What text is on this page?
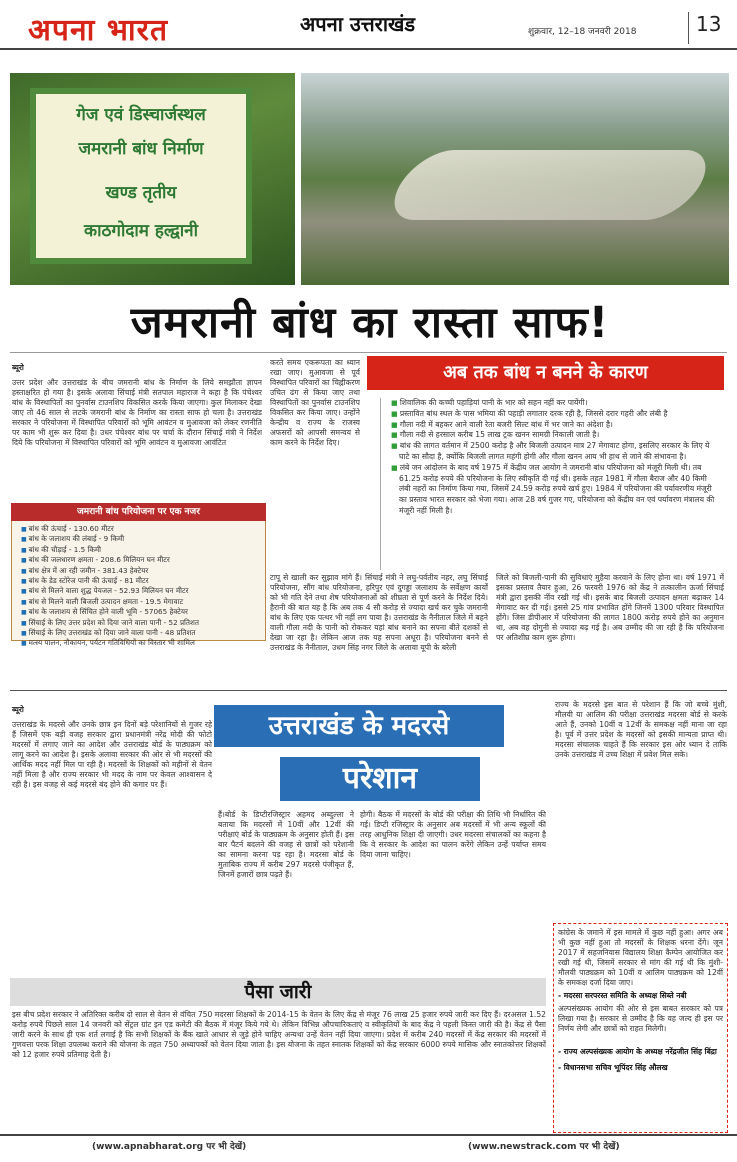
अपना भारत	अपना उत्तराखंड	शुक्रवार, 12–18 जनवरी 2018	13
गेज एवं डिस्चार्जस्थल
जमरानी बांध निर्माण
खण्ड तृतीय
काठगोदाम हल्द्वानी
जमरानी बांध का रास्ता साफ!
ब्यूरो
उत्तर प्रदेश और उत्तराखंड के बीच जमरानी बांध के निर्माण के लिये समझौता ज्ञापन हस्ताक्षरित हो गया है। इसके अलावा सिंचाई मंत्री सतपाल महाराज ने कहा है कि पंचेश्वर बांध के विस्थापितों का पुनर्वास टाउनशिप विकसित करके किया जाएगा। कुल मिलाकर देखा जाए तो 46 साल से लटके जमरानी बांध के निर्माण का रास्ता साफ हो चला है। उत्तराखंड सरकार ने परियोजना में विस्थापित परिवारों को भूमि आवंटन व मुआवजा को लेकर रणनीति पर काम भी शुरू कर दिया है। उधर पंचेश्वर बांध पर चर्चा के दौरान सिंचाई मंत्री ने निर्देश दिये कि परियोजना में विस्थापित परिवारों को भूमि आवंटन व मुआवजा आवंटित
करते समय एकरूपता का ध्यान रखा जाए। मुआवजा से पूर्व विस्थापित परिवारों का चिह्नीकरण उचित ढंग से किया जाए तथा विस्थापितों का पुनर्वास टाउनशिप विकसित कर किया जाए। उन्होंने केन्द्रीय व राज्य के राजस्व अफसरों को आपसी समन्वय से काम करने के निर्देश दिए।
अब तक बांध न बनने के कारण
■ शिवालिक की कच्ची पहाड़ियां पानी के भार को सहन नहीं कर पायेंगी।
■ प्रस्तावित बांध स्थल के पास भमिया की पहाड़ी लगातार दरक रही है, जिससे दरार गहरी और लंबी है
■ गौला नदी में बहकर आने वाली रेता बजरी सिल्ट बांध में भर जाने का अंदेशा है।
■ गौला नदी से हरसाल करीब 15 लाख ट्रक खनन सामग्री निकाली जाती है।
■ बांध की लागत वर्तमान में 2500 करोड़ है और बिजली उत्पादन मात्र 27 मेगावाट होगा, इसलिए सरकार के लिए ये घाटे का सौदा है, क्योंकि बिजली लागत महंगी होगी और गौला खनन आय भी हाथ से जाने की संभावना है।
■ लंबे जन आंदोलन के बाद वर्ष 1975 में केंद्रीय जल आयोग ने जमरानी बांध परियोजना को मंजूरी मिली थी। तब 61.25 करोड़ रुपये की परियोजना के लिए स्वीकृति दी गई थी। इसके तहत 1981 में गौला बैराज और 40 किमी लंबी नहरों का निर्माण किया गया, जिसमें 24.59 करोड़ रुपये खर्च हुए। 1984 में परियोजना की पर्यावरणीय मंजूरी का प्रस्ताव भारत सरकार को भेजा गया। आज 28 वर्ष गुजर गए, परियोजना को केंद्रीय वन एवं पर्यावरण मंत्रालय की मंजूरी नहीं मिली है।
■ बांध की ऊंचाई - 130.60 मीटर
■ बांध के जलाशय की लंबाई - 9 किमी
■ बांध की चौड़ाई - 1.5 किमी
■ बांध की जलधारण क्षमता - 208.6 मिलियन घन मीटर
■ बांध क्षेत्र में आ रही जमीन - 381.43 हेक्टेयर
■ बांध के डेड स्टोरेज पानी की ऊंचाई - 81 मीटर
■ बांध से मिलने वाला शुद्ध पेयजल - 52.93 मिलियन घन मीटर
■ बांध से मिलने वाली बिजली उत्पादन क्षमता - 19.5 मेगावाट
■ बांध के जलाशय से सिंचित होने वाली भूमि - 57065 हेक्टेयर
■ सिंचाई के लिए उत्तर प्रदेश को दिया जाने वाला पानी - 52 प्रतिशत
■ सिंचाई के लिए उत्तराखंड को दिया जाने वाला पानी - 48 प्रतिशत
■ मत्स्य पालन, नौकायन, पर्यटन गतिविधियों का विस्तार भी शामिल
जमरानी बांध परियोजना पर एक नजर
टापू से खाली कर सुझाव मांगे हैं। सिंचाई मंत्री ने लघु-पर्वतीय नहर, लघु सिंचाई परियोजना, सौंग बांध परियोजना, हरिपुर एवं दुगड्डा जलाशय के सर्वेक्षण कार्यों को भी गति देने तथा शेष परियोजनाओं को शीघ्रता से पूर्ण करने के निर्देश दिये। हैरानी की बात यह है कि अब तक 4 सौ करोड़ से ज्यादा खर्च कर चुके जमरानी बांध के लिए एक पत्थर भी नहीं लग पाया है। उत्तराखंड के नैनीताल जिले में बहने वाली गौला नदी के पानी को रोककर यहां बांध बनाने का सपना बीते दशकों से देखा जा रहा है। लेकिन आज तक यह सपना अधूरा है। परियोजना बनने से उत्तराखंड के नैनीताल, उधम सिंह नगर जिले के अलावा यूपी के बरेली
जिले को बिजली-पानी की सुविधाएं मुहैया करवाने के लिए होना था। वर्ष 1971 में इसका प्रस्ताव तैयार हुआ, 26 फरवरी 1976 को केंद्र ने तत्कालीन ऊर्जा सिंचाई मंत्री द्वारा इसकी नींव रखी गई थी। इसके बाद बिजली उत्पादन क्षमता बढ़ाकर 14 मेगावाट कर दी गई। इससे 25 गांव प्रभावित होंगे जिनमें 1300 परिवार विस्थापित होंगे। जिस डीपीआर में परियोजना की लागत 1800 करोड़ रुपये होने का अनुमान था, अब वह दोगुनी से ज्यादा बढ़ गई है। अब उम्मीद की जा रही है कि परियोजना पर अतिशीघ्र काम शुरू होगा।
उत्तराखंड के मदरसे
परेशान
ब्यूरो
उत्तराखंड के मदरसे और उनके छात्र इन दिनों बड़े परेशानियों से गुजर रहे हैं जिसमें एक बड़ी वजह सरकार द्वारा प्रधानमंत्री नरेंद्र मोदी की फोटो मदरसों में लगाए जाने का आदेश और उत्तराखंड बोर्ड के पाठ्यक्रम को लागू करने का आदेश है। इसके अलावा सरकार की ओर से भी मदरसों की आर्थिक मदद नहीं मिल पा रही है। मदरसों के शिक्षकों को महीनों से वेतन नहीं मिला है और राज्य सरकार भी मदद के नाम पर केवल आश्वासन दे रही है। इस वजह से कई मदरसे बंद होने की कगार पर हैं।
हैं।बोर्ड के डिप्टीरजिस्ट्रार अहमद अब्दुल्ला ने बताया कि मदरसों में 10वीं और 12वीं की परीक्षाएं बोर्ड के पाठ्यक्रम के अनुसार होती हैं। इस बार पैटर्न बदलने की वजह से छात्रों को परेशानी का सामना करना पड़ रहा है। मदरसा बोर्ड के मुताबिक राज्य में करीब 297 मदरसे पंजीकृत हैं, जिनमें हजारों छात्र पढ़ते हैं।
होगी। बैठक में मदरसों के बोर्ड की परीक्षा की तिथि भी निर्धारित की गई। डिप्टी रजिस्ट्रार के अनुसार अब मदरसों में भी अन्य स्कूलों की तरह आधुनिक शिक्षा दी जाएगी। उधर मदरसा संचालकों का कहना है कि वे सरकार के आदेश का पालन करेंगे लेकिन उन्हें पर्याप्त समय दिया जाना चाहिए।
राज्य के मदरसे इस बात से परेशान हैं कि जो बच्चे मुंशी, मौलवी या आलिम की परीक्षा उत्तराखंड मदरसा बोर्ड से करके आते हैं, उनको 10वीं व 12वीं के समकक्ष नहीं माना जा रहा है। पूर्व में उत्तर प्रदेश के मदरसों को इसकी मान्यता प्राप्त थी। मदरसा संचालक चाहते हैं कि सरकार इस ओर ध्यान दे ताकि उनके उत्तराखंड में उच्च शिक्षा में प्रवेश मिल सके।
पैसा जारी
इस बीच प्रदेश सरकार ने अतिरिक्त करीब दो साल से वेतन से वंचित 750 मदरसा शिक्षकों के 2014-15 के वेतन के लिए केंद्र से मंजूर 76 लाख 25 हजार रुपये जारी कर दिए हैं। दरअसल 1.52 करोड़ रुपये पिछले साल 14 जनवरी को सेंट्रल ग्रांट इन एड कमेटी की बैठक में मंजूर किये गये थे। लेकिन विभिन्न औपचारिकताएं व स्वीकृतियों के बाद केंद्र ने पहली किस्त जारी की है। केंद्र से पैसा जारी करने के साथ ही एक शर्त लगाई है कि सभी शिक्षकों के बैंक खाते आधार से जुड़े होने चाहिए अन्यथा उन्हें वेतन नहीं दिया जाएगा। प्रदेश में करीब 240 मदरसों में केंद्र सरकार की मदरसों में गुणवत्ता परक शिक्षा उपलब्ध कराने की योजना के तहत 750 अध्यापकों को वेतन दिया जाता है। इस योजना के तहत स्नातक शिक्षकों को केंद्र सरकार 6000 रुपये मासिक और स्नातकोत्तर शिक्षकों को 12 हजार रुपये प्रतिमाह देती है।
कांग्रेस के जमाने में इस मामले में कुछ नहीं हुआ। अगर अब भी कुछ नहीं हुआ तो मदरसों के शिक्षक धरना देंगे। जून 2017 में सहजनिवास विद्यालय शिक्षा कैम्पेन आयोजित कर रखी गई थी, जिसमें सरकार से मांग की गई थी कि मुंशी-मौलवी पाठ्यक्रम को 10वीं व आलिम पाठ्यक्रम को 12वीं के समकक्ष दर्जा दिया जाए।
- मदरसा सरपरस्त समिति के अध्यक्ष सिब्ते नबी
अल्पसंख्यक आयोग की ओर से इस बाबत सरकार को पत्र लिखा गया है। सरकार से उम्मीद है कि वह जल्द ही इस पर निर्णय लेगी और छात्रों को राहत मिलेगी।
- राज्य अल्पसंख्यक आयोग के अध्यक्ष नरेंद्रजीत सिंह बिंद्रा
- विधानसभा सचिव भूपिंदर सिंह औलख
(www.apnabharat.org पर भी देखें)	(www.newstrack.com पर भी देखें)
